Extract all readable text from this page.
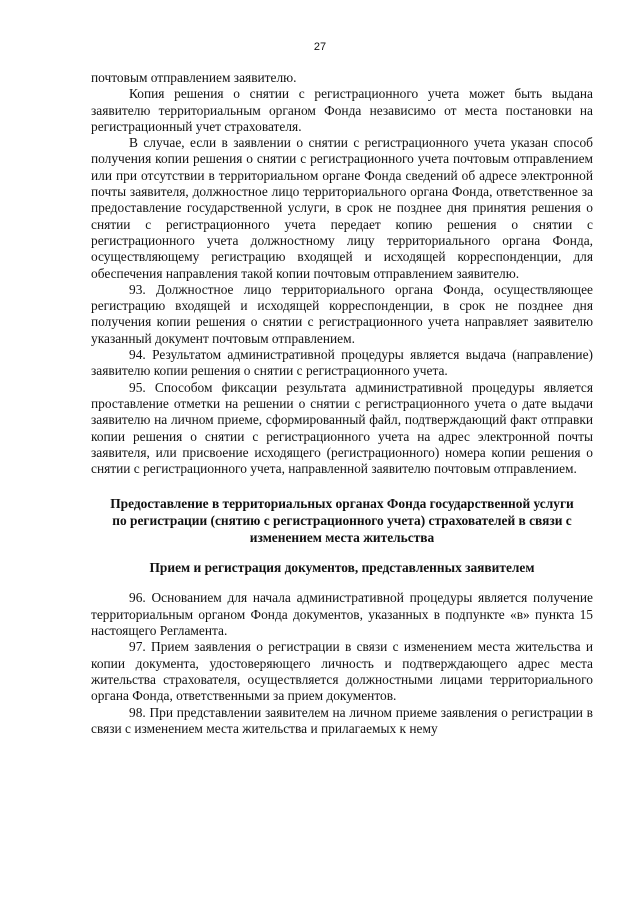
27

почтовым отправлением заявителю.

Копия решения о снятии с регистрационного учета может быть выдана заявителю территориальным органом Фонда независимо от места постановки на регистрационный учет страхователя.

В случае, если в заявлении о снятии с регистрационного учета указан способ получения копии решения о снятии с регистрационного учета почтовым отправлением или при отсутствии в территориальном органе Фонда сведений об адресе электронной почты заявителя, должностное лицо территориального органа Фонда, ответственное за предоставление государственной услуги, в срок не позднее дня принятия решения о снятии с регистрационного учета передает копию решения о снятии с регистрационного учета должностному лицу территориального органа Фонда, осуществляющему регистрацию входящей и исходящей корреспонденции, для обеспечения направления такой копии почтовым отправлением заявителю.

93. Должностное лицо территориального органа Фонда, осуществляющее регистрацию входящей и исходящей корреспонденции, в срок не позднее дня получения копии решения о снятии с регистрационного учета направляет заявителю указанный документ почтовым отправлением.

94. Результатом административной процедуры является выдача (направление) заявителю копии решения о снятии с регистрационного учета.

95. Способом фиксации результата административной процедуры является проставление отметки на решении о снятии с регистрационного учета о дате выдачи заявителю на личном приеме, сформированный файл, подтверждающий факт отправки копии решения о снятии с регистрационного учета на адрес электронной почты заявителя, или присвоение исходящего (регистрационного) номера копии решения о снятии с регистрационного учета, направленной заявителю почтовым отправлением.

Предоставление в территориальных органах Фонда государственной услуги по регистрации (снятию с регистрационного учета) страхователей в связи с изменением места жительства
Прием и регистрация документов, представленных заявителем

96. Основанием для начала административной процедуры является получение территориальным органом Фонда документов, указанных в подпункте «в» пункта 15 настоящего Регламента.

97. Прием заявления о регистрации в связи с изменением места жительства и копии документа, удостоверяющего личность и подтверждающего адрес места жительства страхователя, осуществляется должностными лицами территориального органа Фонда, ответственными за прием документов.

98. При представлении заявителем на личном приеме заявления о регистрации в связи с изменением места жительства и прилагаемых к нему
